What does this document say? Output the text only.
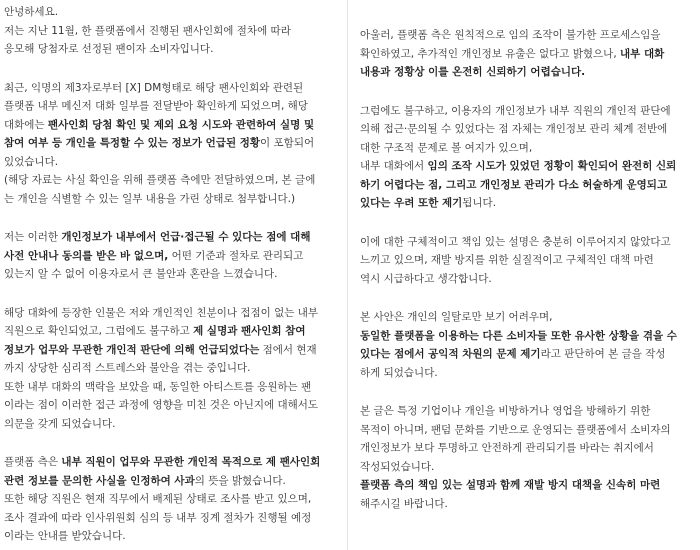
안녕하세요.
저는 지난 11월, 한 플랫폼에서 진행된 팬사인회에 절차에 따라
응모해 당첨자로 선정된 팬이자 소비자입니다.

최근, 익명의 제3자로부터 [X] DM형태로 해당 팬사인회와 관련된
플랫폼 내부 메신저 대화 일부를 전달받아 확인하게 되었으며, 해당
대화에는 팬사인회 당첨 확인 및 제외 요청 시도와 관련하여 실명 및
참여 여부 등 개인을 특정할 수 있는 정보가 언급된 정황이 포함되어
있었습니다.
(해당 자료는 사실 확인을 위해 플랫폼 측에만 전달하였으며, 본 글에
는 개인을 식별할 수 있는 일부 내용을 가린 상태로 첨부합니다.)

저는 이러한 개인정보가 내부에서 언급·접근될 수 있다는 점에 대해
사전 안내나 동의를 받은 바 없으며, 어떤 기준과 절차로 관리되고
있는지 알 수 없어 이용자로서 큰 불안과 혼란을 느꼈습니다.

해당 대화에 등장한 인물은 저와 개인적인 친분이나 접점이 없는 내부
직원으로 확인되었고, 그럼에도 불구하고 제 실명과 팬사인회 참여
정보가 업무와 무관한 개인적 판단에 의해 언급되었다는 점에서 현재
까지 상당한 심리적 스트레스와 불안을 겪는 중입니다.
또한 내부 대화의 맥락을 보았을 때, 동일한 아티스트를 응원하는 팬
이라는 점이 이러한 접근 과정에 영향을 미친 것은 아닌지에 대해서도
의문을 갖게 되었습니다.

플랫폼 측은 내부 직원이 업무와 무관한 개인적 목적으로 제 팬사인회
관련 정보를 문의한 사실을 인정하여 사과의 뜻을 밝혔습니다.
또한 해당 직원은 현재 직무에서 배제된 상태로 조사를 받고 있으며,
조사 결과에 따라 인사위원회 심의 등 내부 징계 절차가 진행될 예정
이라는 안내를 받았습니다.

아울러, 플랫폼 측은 원칙적으로 임의 조작이 불가한 프로세스임을
확인하였고, 추가적인 개인정보 유출은 없다고 밝혔으나, 내부 대화
내용과 정황상 이를 온전히 신뢰하기 어렵습니다.

그럼에도 불구하고, 이용자의 개인정보가 내부 직원의 개인적 판단에
의해 접근·문의될 수 있었다는 점 자체는 개인정보 관리 체계 전반에
대한 구조적 문제로 볼 여지가 있으며,
내부 대화에서 임의 조작 시도가 있었던 정황이 확인되어 완전히 신뢰
하기 어렵다는 점, 그리고 개인정보 관리가 다소 허술하게 운영되고
있다는 우려 또한 제기됩니다.

이에 대한 구체적이고 책임 있는 설명은 충분히 이루어지지 않았다고
느끼고 있으며, 재발 방지를 위한 실질적이고 구체적인 대책 마련
역시 시급하다고 생각합니다.

본 사안은 개인의 일탈로만 보기 어려우며,
동일한 플랫폼을 이용하는 다른 소비자들 또한 유사한 상황을 겪을 수
있다는 점에서 공익적 차원의 문제 제기라고 판단하여 본 글을 작성
하게 되었습니다.

본 글은 특정 기업이나 개인을 비방하거나 영업을 방해하기 위한
목적이 아니며, 팬덤 문화를 기반으로 운영되는 플랫폼에서 소비자의
개인정보가 보다 투명하고 안전하게 관리되기를 바라는 취지에서
작성되었습니다.
플랫폼 측의 책임 있는 설명과 함께 재발 방지 대책을 신속히 마련
해주시길 바랍니다.
